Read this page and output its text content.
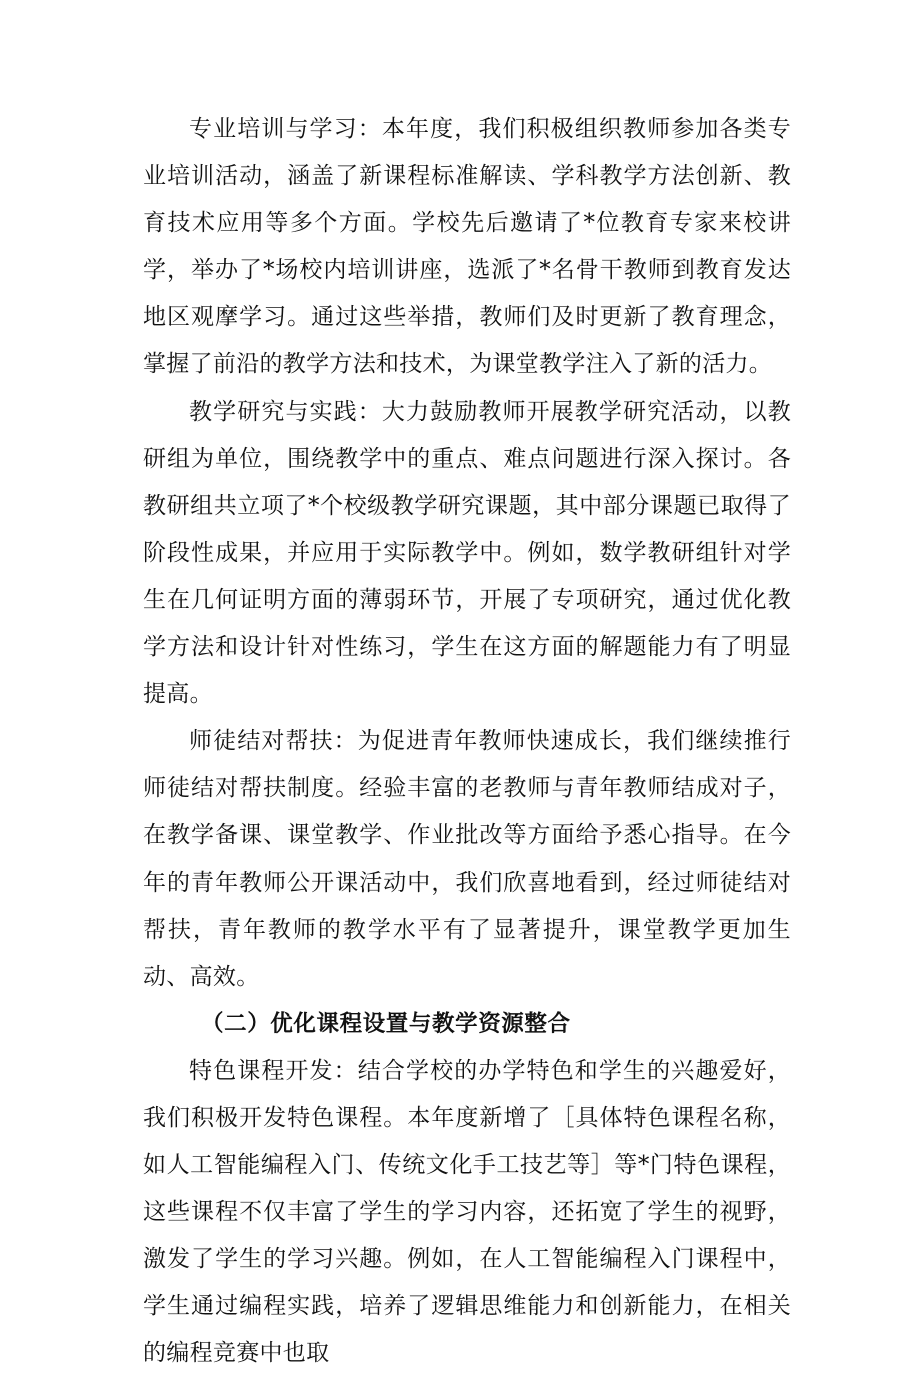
专业培训与学习：本年度，我们积极组织教师参加各类专业培训活动，涵盖了新课程标准解读、学科教学方法创新、教育技术应用等多个方面。学校先后邀请了*位教育专家来校讲学，举办了*场校内培训讲座，选派了*名骨干教师到教育发达地区观摩学习。通过这些举措，教师们及时更新了教育理念，掌握了前沿的教学方法和技术，为课堂教学注入了新的活力。

教学研究与实践：大力鼓励教师开展教学研究活动，以教研组为单位，围绕教学中的重点、难点问题进行深入探讨。各教研组共立项了*个校级教学研究课题，其中部分课题已取得了阶段性成果，并应用于实际教学中。例如，数学教研组针对学生在几何证明方面的薄弱环节，开展了专项研究，通过优化教学方法和设计针对性练习，学生在这方面的解题能力有了明显提高。

师徒结对帮扶：为促进青年教师快速成长，我们继续推行师徒结对帮扶制度。经验丰富的老教师与青年教师结成对子，在教学备课、课堂教学、作业批改等方面给予悉心指导。在今年的青年教师公开课活动中，我们欣喜地看到，经过师徒结对帮扶，青年教师的教学水平有了显著提升，课堂教学更加生动、高效。

（二）优化课程设置与教学资源整合

特色课程开发：结合学校的办学特色和学生的兴趣爱好，我们积极开发特色课程。本年度新增了［具体特色课程名称，如人工智能编程入门、传统文化手工技艺等］等*门特色课程，这些课程不仅丰富了学生的学习内容，还拓宽了学生的视野，激发了学生的学习兴趣。例如，在人工智能编程入门课程中，学生通过编程实践，培养了逻辑思维能力和创新能力，在相关的编程竞赛中也取
